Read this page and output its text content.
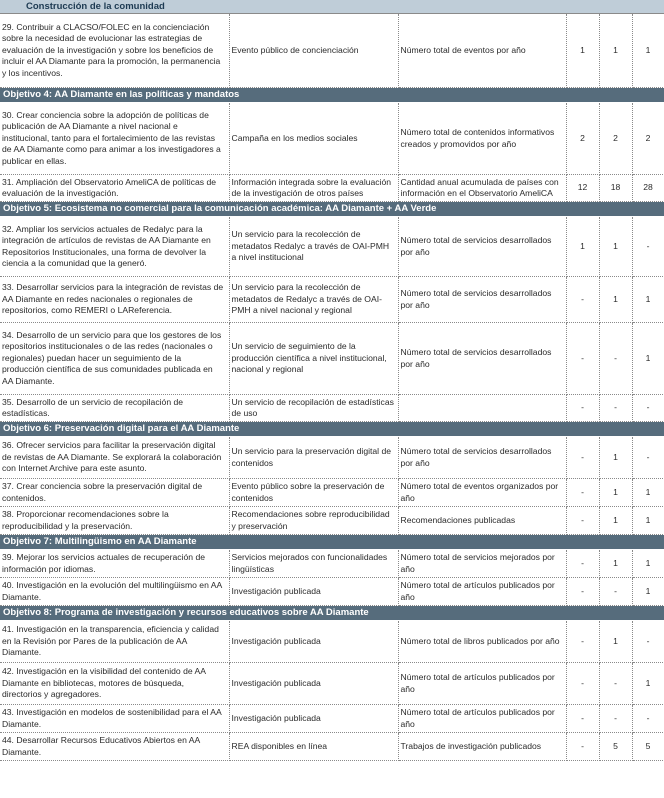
Construcción de la comunidad					
29. Contribuir a CLACSO/FOLEC en la concienciación sobre la necesidad de evolucionar las estrategias de evaluación de la investigación y sobre los beneficios de incluir el AA Diamante para la promoción, la permanencia y los incentivos.	Evento público de concienciación	Número total de eventos por año	1	1	1
Objetivo 4: AA Diamante en las políticas y mandatos					
30. Crear conciencia sobre la adopción de políticas de publicación de AA Diamante a nivel nacional e institucional, tanto para el fortalecimiento de las revistas de AA Diamante como para animar a los investigadores a publicar en ellas.	Campaña en los medios sociales	Número total de contenidos informativos creados y promovidos por año	2	2	2
31. Ampliación del Observatorio AmeliCA de políticas de evaluación de la investigación.	Información integrada sobre la evaluación de la investigación de otros países	Cantidad anual acumulada de países con información en el Observatorio AmeliCA	12	18	28
Objetivo 5: Ecosistema no comercial para la comunicación académica: AA Diamante + AA Verde					
32. Ampliar los servicios actuales de Redalyc para la integración de artículos de revistas de AA Diamante en Repositorios Institucionales, una forma de devolver la ciencia a la comunidad que la generó.	Un servicio para la recolección de metadatos Redalyc a través de OAI-PMH a nivel institucional	Número total de servicios desarrollados por año	1	1	-
33. Desarrollar servicios para la integración de revistas de AA Diamante en redes nacionales o regionales de repositorios, como REMERI o LAReferencia.	Un servicio para la recolección de metadatos de Redalyc a través de OAI-PMH a nivel nacional y regional	Número total de servicios desarrollados por año	-	1	1
34. Desarrollo de un servicio para que los gestores de los repositorios institucionales o de las redes (nacionales o regionales) puedan hacer un seguimiento de la producción científica de sus comunidades publicada en AA Diamante.	Un servicio de seguimiento de la producción científica a nivel institucional, nacional y regional	Número total de servicios desarrollados por año	-	-	1
35. Desarrollo de un servicio de recopilación de estadísticas.	Un servicio de recopilación de estadísticas de uso		-	-	-
Objetivo 6: Preservación digital para el AA Diamante					
36. Ofrecer servicios para facilitar la preservación digital de revistas de AA Diamante. Se explorará la colaboración con Internet Archive para este asunto.	Un servicio para la preservación digital de contenidos	Número total de servicios desarrollados por año	-	1	-
37. Crear conciencia sobre la preservación digital de contenidos.	Evento público sobre la preservación de contenidos	Número total de eventos organizados por año	-	1	1
38. Proporcionar recomendaciones sobre la reproducibilidad y la preservación.	Recomendaciones sobre reproducibilidad y preservación	Recomendaciones publicadas	-	1	1
Objetivo 7: Multilingüismo en AA Diamante					
39. Mejorar los servicios actuales de recuperación de información por idiomas.	Servicios mejorados con funcionalidades lingüísticas	Número total de servicios mejorados por año	-	1	1
40. Investigación en la evolución del multilingüismo en AA Diamante.	Investigación publicada	Número total de artículos publicados por año	-	-	1
Objetivo 8: Programa de investigación y recursos educativos sobre AA Diamante					
41. Investigación en la transparencia, eficiencia y calidad en la Revisión por Pares de la publicación de AA Diamante.	Investigación publicada	Número total de libros publicados por año	-	1	-
42. Investigación en la visibilidad del contenido de AA Diamante en bibliotecas, motores de búsqueda, directorios y agregadores.	Investigación publicada	Número total de artículos publicados por año	-	-	1
43. Investigación en modelos de sostenibilidad para el AA Diamante.	Investigación publicada	Número total de artículos publicados por año	-	-	-
44. Desarrollar Recursos Educativos Abiertos en AA Diamante.	REA disponibles en línea	Trabajos de investigación publicados	-	5	5
